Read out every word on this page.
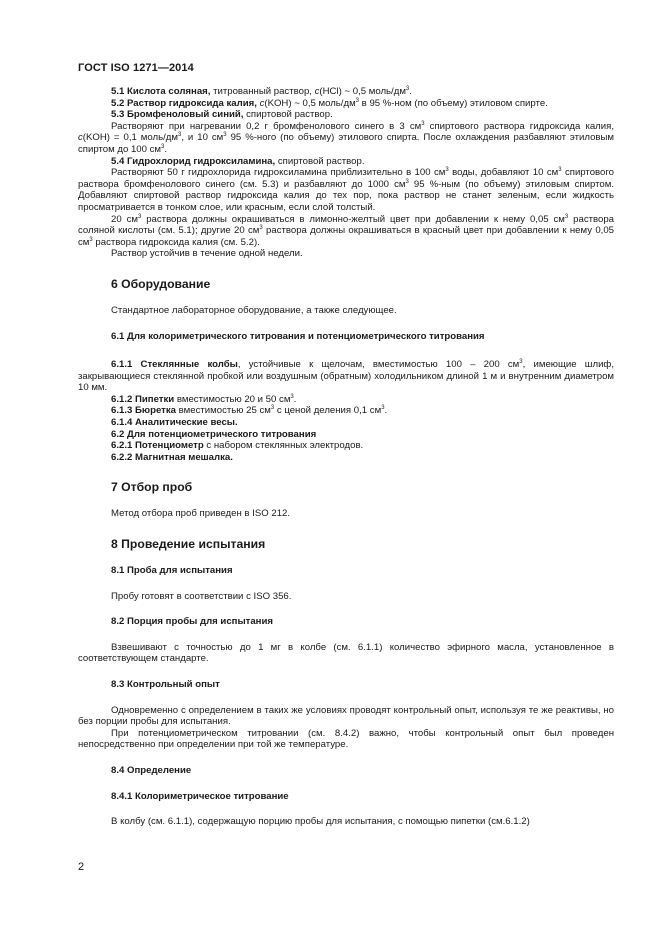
ГОСТ ISO 1271—2014

5.1 Кислота соляная, титрованный раствор, c(HCl) ~ 0,5 моль/$дм^3$.

5.2 Раствор гидроксида калия, c(KOH) ~ 0,5 моль/$дм^3$ в 95 %-ном (по объему) этиловом спирте.

5.3 Бромфеноловый синий, спиртовой раствор.

Растворяют при нагревании 0,2 г бромфенолового синего в 3 $см^3$ спиртового раствора гидроксида калия, c(KOH) = 0,1 моль/$дм^3$, и 10 $см^3$ 95 %-ного (по объему) этилового спирта. После охлаждения разбавляют этиловым спиртом до 100 $см^3$.

5.4 Гидрохлорид гидроксиламина, спиртовой раствор.

Растворяют 50 г гидрохлорида гидроксиламина приблизительно в 100 $см^3$ воды, добавляют 10 $см^3$ спиртового раствора бромфенолового синего (см. 5.3) и разбавляют до 1000 $см^3$ 95 %-ным (по объему) этиловым спиртом. Добавляют спиртовой раствор гидроксида калия до тех пор, пока раствор не станет зеленым, если жидкость просматривается в тонком слое, или красным, если слой толстый.

20 $см^3$ раствора должны окрашиваться в лимонно-желтый цвет при добавлении к нему 0,05 $см^3$ раствора соляной кислоты (см. 5.1); другие 20 $см^3$ раствора должны окрашиваться в красный цвет при добавлении к нему 0,05 $см^3$ раствора гидроксида калия (см. 5.2).

Раствор устойчив в течение одной недели.

6 Оборудование

Стандартное лабораторное оборудование, а также следующее.

6.1 Для колориметрического титрования и потенциометрического титрования

6.1.1 Стеклянные колбы, устойчивые к щелочам, вместимостью 100 – 200 $см^3$, имеющие шлиф, закрывающиеся стеклянной пробкой или воздушным (обратным) холодильником длиной 1 м и внутренним диаметром 10 мм.

6.1.2 Пипетки вместимостью 20 и 50 $см^3$.

6.1.3 Бюретка вместимостью 25 $см^3$ с ценой деления 0,1 $см^3$.

6.1.4 Аналитические весы.

6.2 Для потенциометрического титрования

6.2.1 Потенциометр с набором стеклянных электродов.

6.2.2 Магнитная мешалка.

7 Отбор проб

Метод отбора проб приведен в ISO 212.

8 Проведение испытания
8.1 Проба для испытания

Пробу готовят в соответствии с ISO 356.

8.2 Порция пробы для испытания

Взвешивают с точностью до 1 мг в колбе (см. 6.1.1) количество эфирного масла, установленное в соответствующем стандарте.

8.3 Контрольный опыт

Одновременно с определением в таких же условиях проводят контрольный опыт, используя те же реактивы, но без порции пробы для испытания.

При потенциометрическом титровании (см. 8.4.2) важно, чтобы контрольный опыт был проведен непосредственно при определении при той же температуре.

8.4 Определение
8.4.1 Колориметрическое титрование

В колбу (см. 6.1.1), содержащую порцию пробы для испытания, с помощью пипетки (см.6.1.2)

2
